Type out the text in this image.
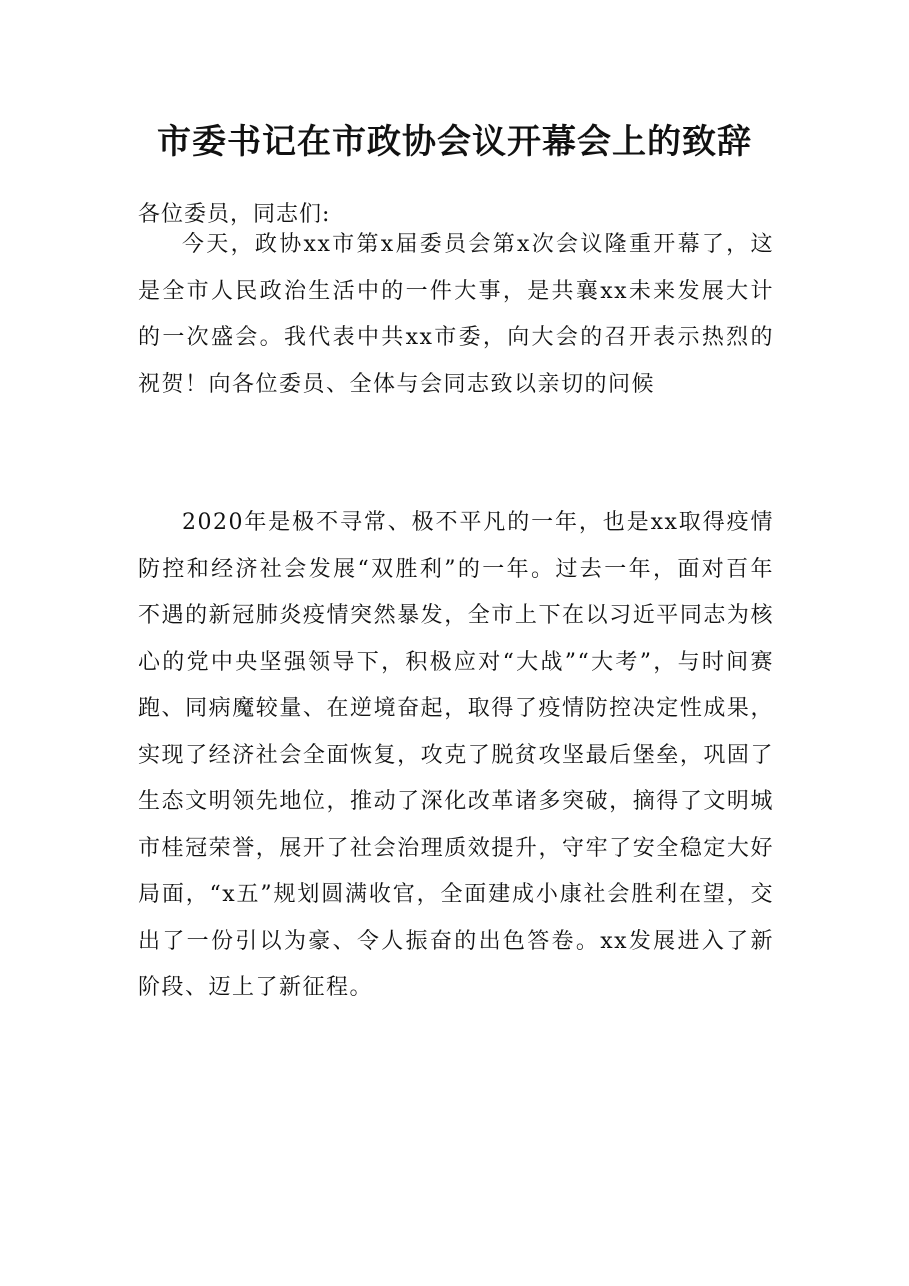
市委书记在市政协会议开幕会上的致辞

各位委员，同志们:

今天，政协xx市第x届委员会第x次会议隆重开幕了，这是全市人民政治生活中的一件大事，是共襄xx未来发展大计的一次盛会。我代表中共xx市委，向大会的召开表示热烈的祝贺！向各位委员、全体与会同志致以亲切的问候

2020年是极不寻常、极不平凡的一年，也是xx取得疫情防控和经济社会发展“双胜利”的一年。过去一年，面对百年不遇的新冠肺炎疫情突然暴发，全市上下在以习近平同志为核心的党中央坚强领导下，积极应对“大战”“大考”，与时间赛跑、同病魔较量、在逆境奋起，取得了疫情防控决定性成果，实现了经济社会全面恢复，攻克了脱贫攻坚最后堡垒，巩固了生态文明领先地位，推动了深化改革诸多突破，摘得了文明城市桂冠荣誉，展开了社会治理质效提升，守牢了安全稳定大好局面，“x五”规划圆满收官，全面建成小康社会胜利在望，交出了一份引以为豪、令人振奋的出色答卷。xx发展进入了新阶段、迈上了新征程。
